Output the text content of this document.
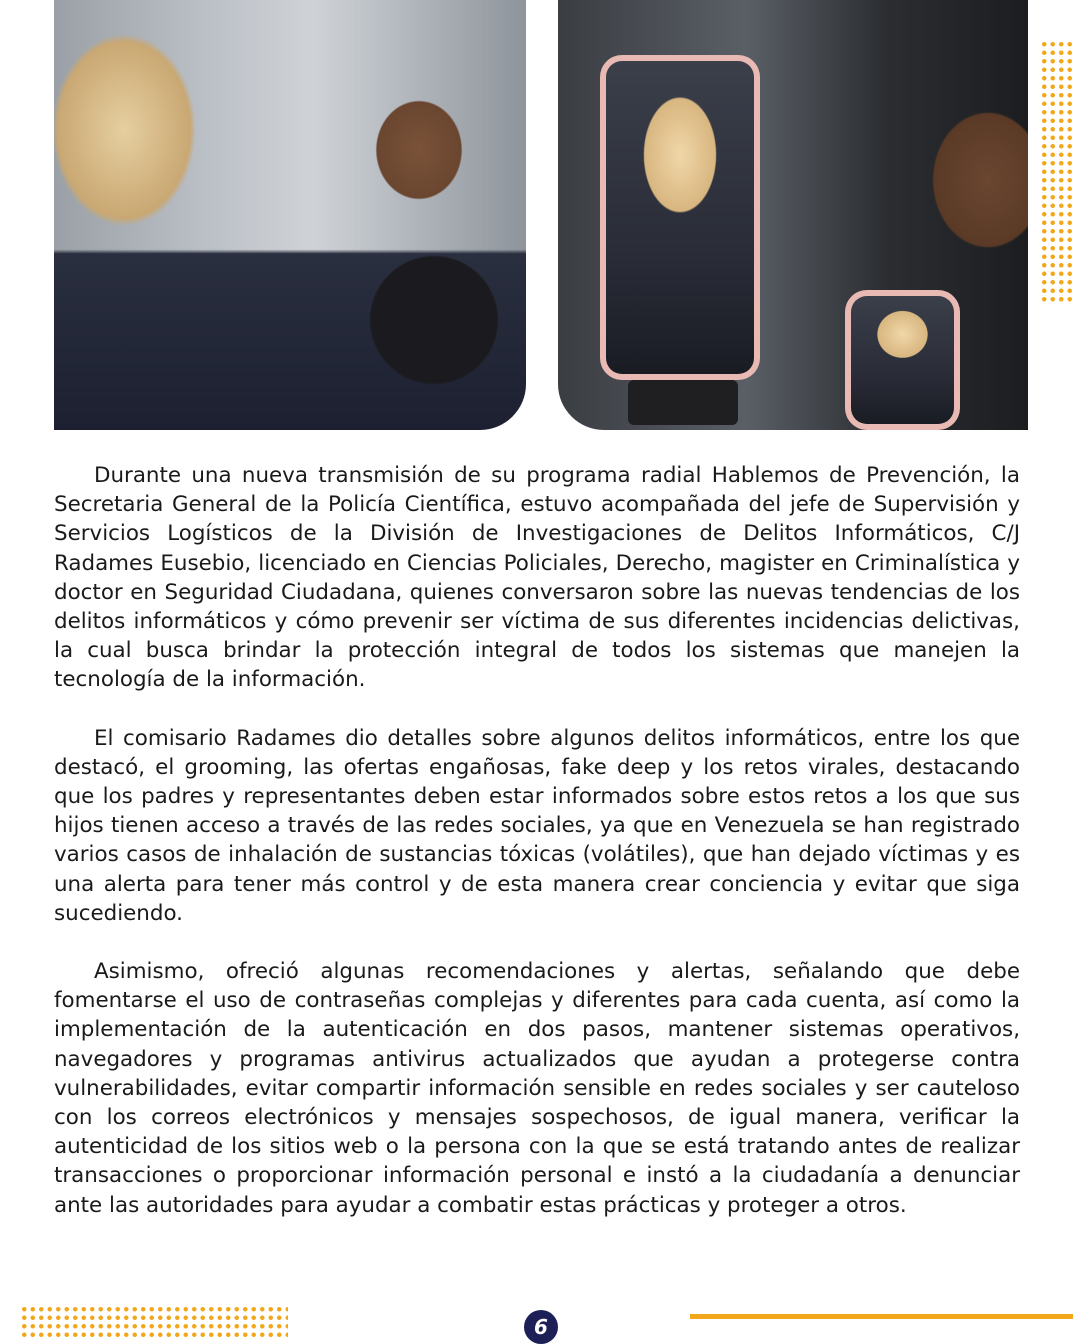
Durante una nueva transmisión de su programa radial Hablemos de Prevención, la Secretaria General de la Policía Científica, estuvo acompañada del jefe de Supervisión y Servicios Logísticos de la División de Investigaciones de Delitos Informáticos, C/J Radames Eusebio, licenciado en Ciencias Policiales, Derecho, magister en Criminalística y doctor en Seguridad Ciudadana, quienes conversaron sobre las nuevas tendencias de los delitos informáticos y cómo prevenir ser víctima de sus diferentes incidencias delictivas, la cual busca brindar la protección integral de todos los sistemas que manejen la tecnología de la información.

El comisario Radames dio detalles sobre algunos delitos informáticos, entre los que destacó, el grooming, las ofertas engañosas, fake deep y los retos virales, destacando que los padres y representantes deben estar informados sobre estos retos a los que sus hijos tienen acceso a través de las redes sociales, ya que en Venezuela se han registrado varios casos de inhalación de sustancias tóxicas (volátiles), que han dejado víctimas y es una alerta para tener más control y de esta manera crear conciencia y evitar que siga sucediendo.

Asimismo, ofreció algunas recomendaciones y alertas, señalando que debe fomentarse el uso de contraseñas complejas y diferentes para cada cuenta, así como la implementación de la autenticación en dos pasos, mantener sistemas operativos, navegadores y programas antivirus actualizados que ayudan a protegerse contra vulnerabilidades, evitar compartir información sensible en redes sociales y ser cauteloso con los correos electrónicos y mensajes sospechosos, de igual manera, verificar la autenticidad de los sitios web o la persona con la que se está tratando antes de realizar transacciones o proporcionar información personal e instó a la ciudadanía a denunciar ante las autoridades para ayudar a combatir estas prácticas y proteger a otros.

6
